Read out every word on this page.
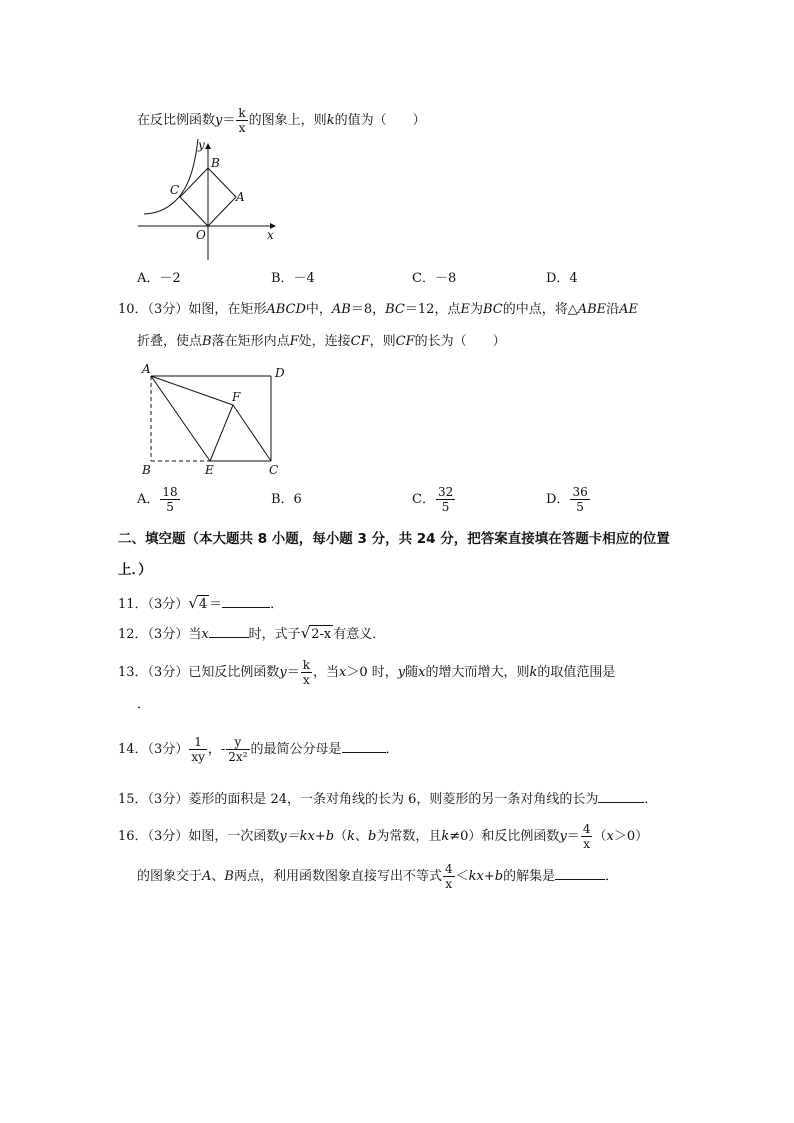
在反比例函数$y= \frac{k}{x}$ 的图象上，则k的值为（　　）
y
B
C	A
O	x
A．－2	B．－4	C．－8	D．4
10．（3分）如图，在矩形ABCD中，AB＝8，BC＝12，点E为BC的中点，将△ABE沿AE
折叠，使点B落在矩形内点F处，连接CF，则CF的长为（　　）
A	D
F
B	E	C
A． $\frac{18}{5}$	B．6	C． $\frac{32}{5}$	D． $\frac{36}{5}$
二、填空题（本大题共 8 小题，每小题 3 分，共 24 分，把答案直接填在答题卡相应的位置
上．）
11．（3分）√4 ＝	．
12．（3分）当x	时，式子√2-x 有意义．
13．（3分）已知反比例函数$y= \frac{k}{x}$ ，当x＞0 时，y随x的增大而增大，则k的取值范围是
．
14．（3分） $\frac{1}{xy}$ ，- $\frac{y}{\text{2x²}}$ 的最简公分母是	．
15．（3分）菱形的面积是 24，一条对角线的长为 6，则菱形的另一条对角线的长为	．
16．（3分）如图，一次函数y＝kx+b（k、b为常数，且k≠0）和反比例函数$y= \frac{4}{x} (x>0)$
的图象交于A、B两点，利用函数图象直接写出不等式 $\frac{4}{x} <kx+b$的解集是	．
